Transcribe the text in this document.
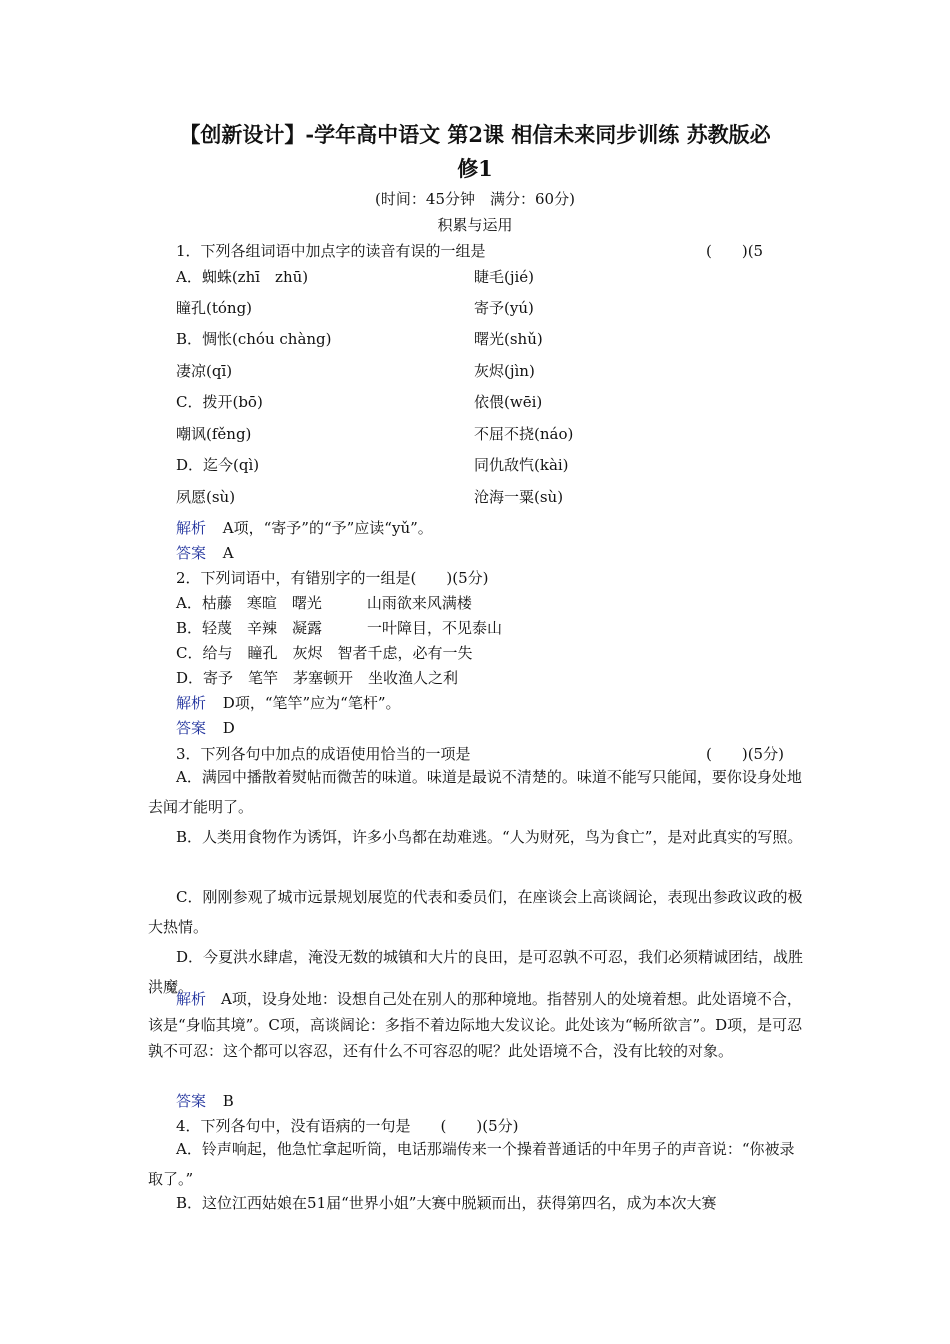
【创新设计】-学年高中语文 第2课 相信未来同步训练 苏教版必
修1
(时间：45分钟　满分：60分)
积累与运用
1．下列各组词语中加点字的读音有误的一组是	(　　)(5
A．蜘蛛(zhī　zhū)	睫毛(jié)
瞳孔(tóng)	寄予(yú)
B．惆怅(chóu chàng)	曙光(shǔ)
凄凉(qī)	灰烬(jìn)
C．拨开(bō)	依偎(wēi)
嘲讽(fěng)	不屈不挠(náo)
D．迄今(qì)	同仇敌忾(kài)
夙愿(sù)	沧海一粟(sù)
解析 A项，“寄予”的“予”应读“yǔ”。
答案 A
2．下列词语中，有错别字的一组是(　　)(5分)
A．枯藤　寒暄　曙光　　　山雨欲来风满楼
B．轻蔑　辛辣　凝露　　　一叶障目，不见泰山
C．给与　瞳孔　灰烬　智者千虑，必有一失
D．寄予　笔竿　茅塞顿开　坐收渔人之利
解析 D项，“笔竿”应为“笔杆”。
答案 D
3．下列各句中加点的成语使用恰当的一项是	(　　)(5分)
A．满园中播散着熨帖而微苦的味道。味道是最说不清楚的。味道不能写只能闻，要你设身处地去闻才能明了。
B．人类用食物作为诱饵，许多小鸟都在劫难逃。“人为财死，鸟为食亡”，是对此真实的写照。
C．刚刚参观了城市远景规划展览的代表和委员们，在座谈会上高谈阔论，表现出参政议政的极大热情。
D．今夏洪水肆虐，淹没无数的城镇和大片的良田，是可忍孰不可忍，我们必须精诚团结，战胜洪魔。
解析　 A项，设身处地：设想自己处在别人的那种境地。指替别人的处境着想。此处语境不合，该是“身临其境”。C项，高谈阔论：多指不着边际地大发议论。此处该为“畅所欲言”。D项，是可忍孰不可忍：这个都可以容忍，还有什么不可容忍的呢？此处语境不合，没有比较的对象。
答案 B
4．下列各句中，没有语病的一句是　　(　　)(5分)
A．铃声响起，他急忙拿起听筒，电话那端传来一个操着普通话的中年男子的声音说：“你被录取了。”
B．这位江西姑娘在51届“世界小姐”大赛中脱颖而出，获得第四名，成为本次大赛
